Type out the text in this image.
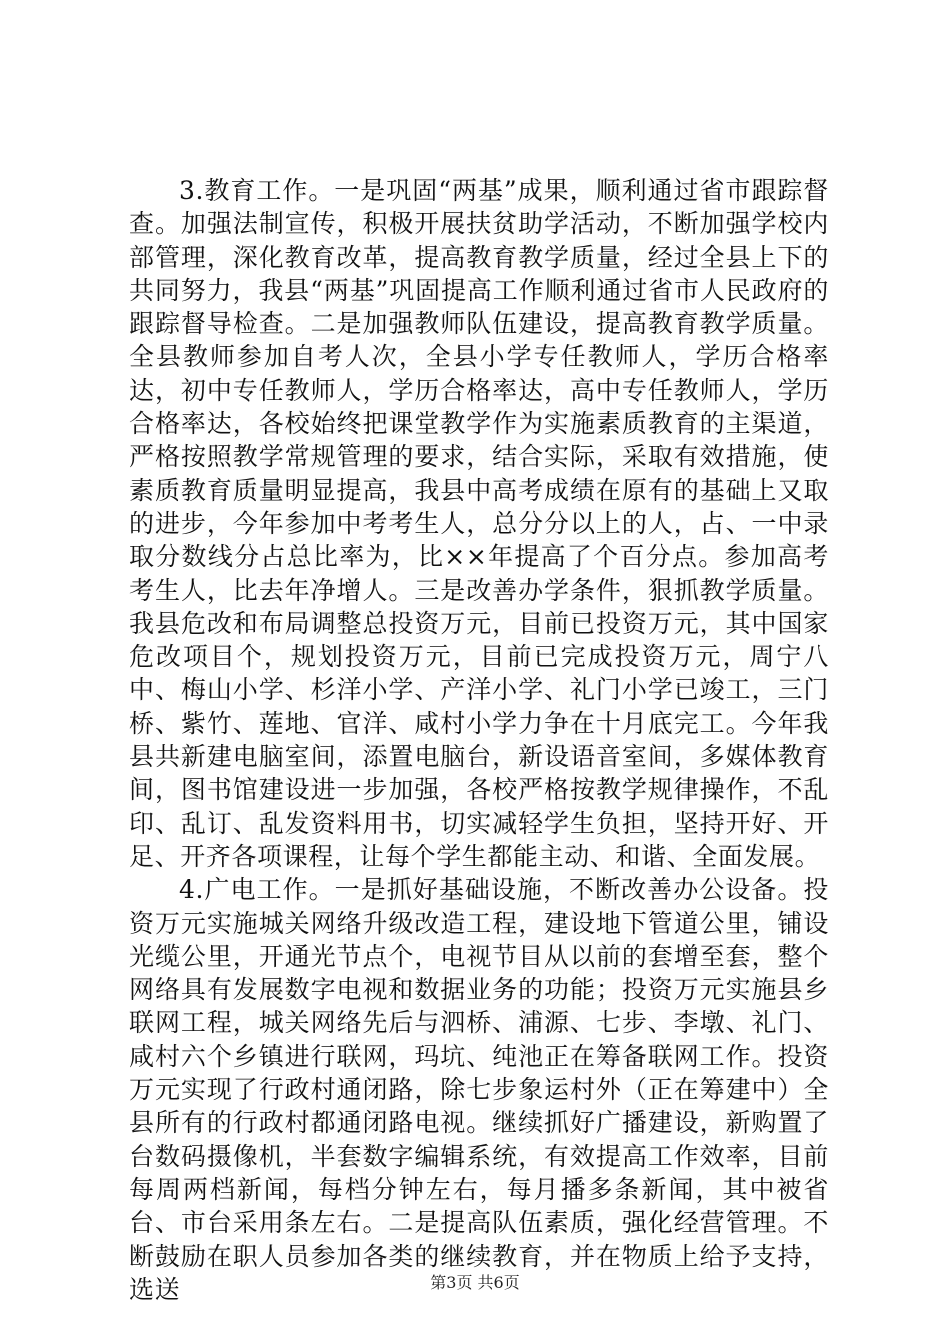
3.教育工作。一是巩固“两基”成果，顺利通过省市跟踪督查。加强法制宣传，积极开展扶贫助学活动，不断加强学校内部管理，深化教育改革，提高教育教学质量，经过全县上下的共同努力，我县“两基”巩固提高工作顺利通过省市人民政府的跟踪督导检查。二是加强教师队伍建设，提高教育教学质量。全县教师参加自考人次，全县小学专任教师人，学历合格率达，初中专任教师人，学历合格率达，高中专任教师人，学历合格率达，各校始终把课堂教学作为实施素质教育的主渠道，严格按照教学常规管理的要求，结合实际，采取有效措施，使素质教育质量明显提高，我县中高考成绩在原有的基础上又取的进步，今年参加中考考生人，总分分以上的人，占、一中录取分数线分占总比率为，比××年提高了个百分点。参加高考考生人，比去年净增人。三是改善办学条件，狠抓教学质量。我县危改和布局调整总投资万元，目前已投资万元，其中国家危改项目个，规划投资万元，目前已完成投资万元，周宁八中、梅山小学、杉洋小学、产洋小学、礼门小学已竣工，三门桥、紫竹、莲地、官洋、咸村小学力争在十月底完工。今年我县共新建电脑室间，添置电脑台，新设语音室间，多媒体教育间，图书馆建设进一步加强，各校严格按教学规律操作，不乱印、乱订、乱发资料用书，切实减轻学生负担，坚持开好、开足、开齐各项课程，让每个学生都能主动、和谐、全面发展。

4.广电工作。一是抓好基础设施，不断改善办公设备。投资万元实施城关网络升级改造工程，建设地下管道公里，铺设光缆公里，开通光节点个，电视节目从以前的套增至套，整个网络具有发展数字电视和数据业务的功能；投资万元实施县乡联网工程，城关网络先后与泗桥、浦源、七步、李墩、礼门、咸村六个乡镇进行联网，玛坑、纯池正在筹备联网工作。投资万元实现了行政村通闭路，除七步象运村外（正在筹建中）全县所有的行政村都通闭路电视。继续抓好广播建设，新购置了台数码摄像机，半套数字编辑系统，有效提高工作效率，目前每周两档新闻，每档分钟左右，每月播多条新闻，其中被省台、市台采用条左右。二是提高队伍素质，强化经营管理。不断鼓励在职人员参加各类的继续教育，并在物质上给予支持，选送	第3页 共6页
